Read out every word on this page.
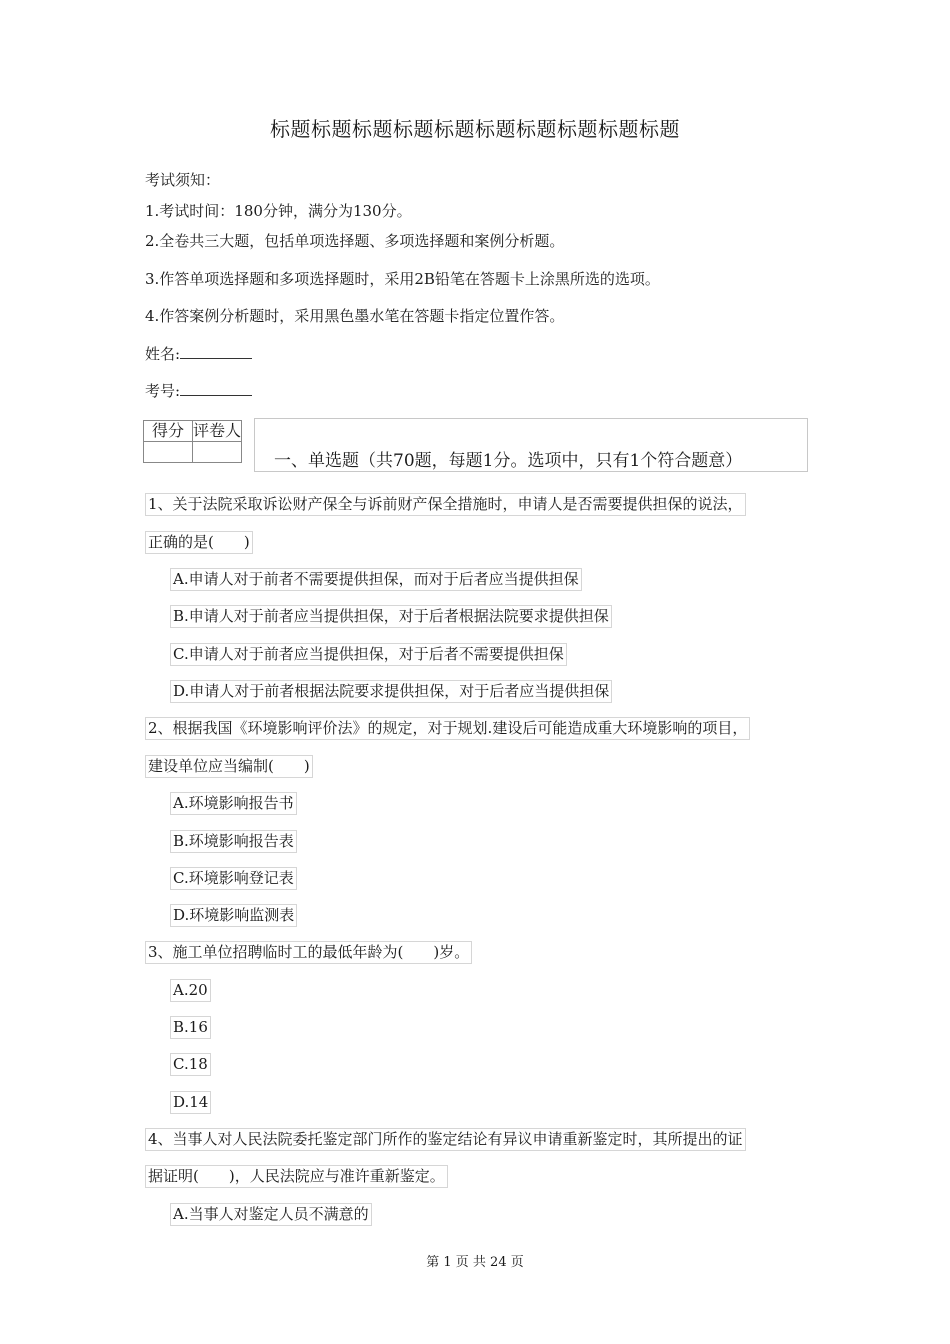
标题标题标题标题标题标题标题标题标题标题
考试须知：
1.考试时间：180分钟，满分为130分。
2.全卷共三大题，包括单项选择题、多项选择题和案例分析题。
3.作答单项选择题和多项选择题时，采用2B铅笔在答题卡上涂黑所选的选项。
4.作答案例分析题时，采用黑色墨水笔在答题卡指定位置作答。
姓名:
考号:
得分	评卷人

一、单选题（共70题，每题1分。选项中，只有1个符合题意）
1、关于法院采取诉讼财产保全与诉前财产保全措施时，申请人是否需要提供担保的说法，
正确的是(　　)
A.申请人对于前者不需要提供担保，而对于后者应当提供担保
B.申请人对于前者应当提供担保，对于后者根据法院要求提供担保
C.申请人对于前者应当提供担保，对于后者不需要提供担保
D.申请人对于前者根据法院要求提供担保，对于后者应当提供担保
2、根据我国《环境影响评价法》的规定，对于规划.建设后可能造成重大环境影响的项目，
建设单位应当编制(　　)
A.环境影响报告书
B.环境影响报告表
C.环境影响登记表
D.环境影响监测表
3、施工单位招聘临时工的最低年龄为(　　)岁。
A.20
B.16
C.18
D.14
4、当事人对人民法院委托鉴定部门所作的鉴定结论有异议申请重新鉴定时，其所提出的证
据证明(　　)，人民法院应与准许重新鉴定。
A.当事人对鉴定人员不满意的
第 1 页 共 24 页
